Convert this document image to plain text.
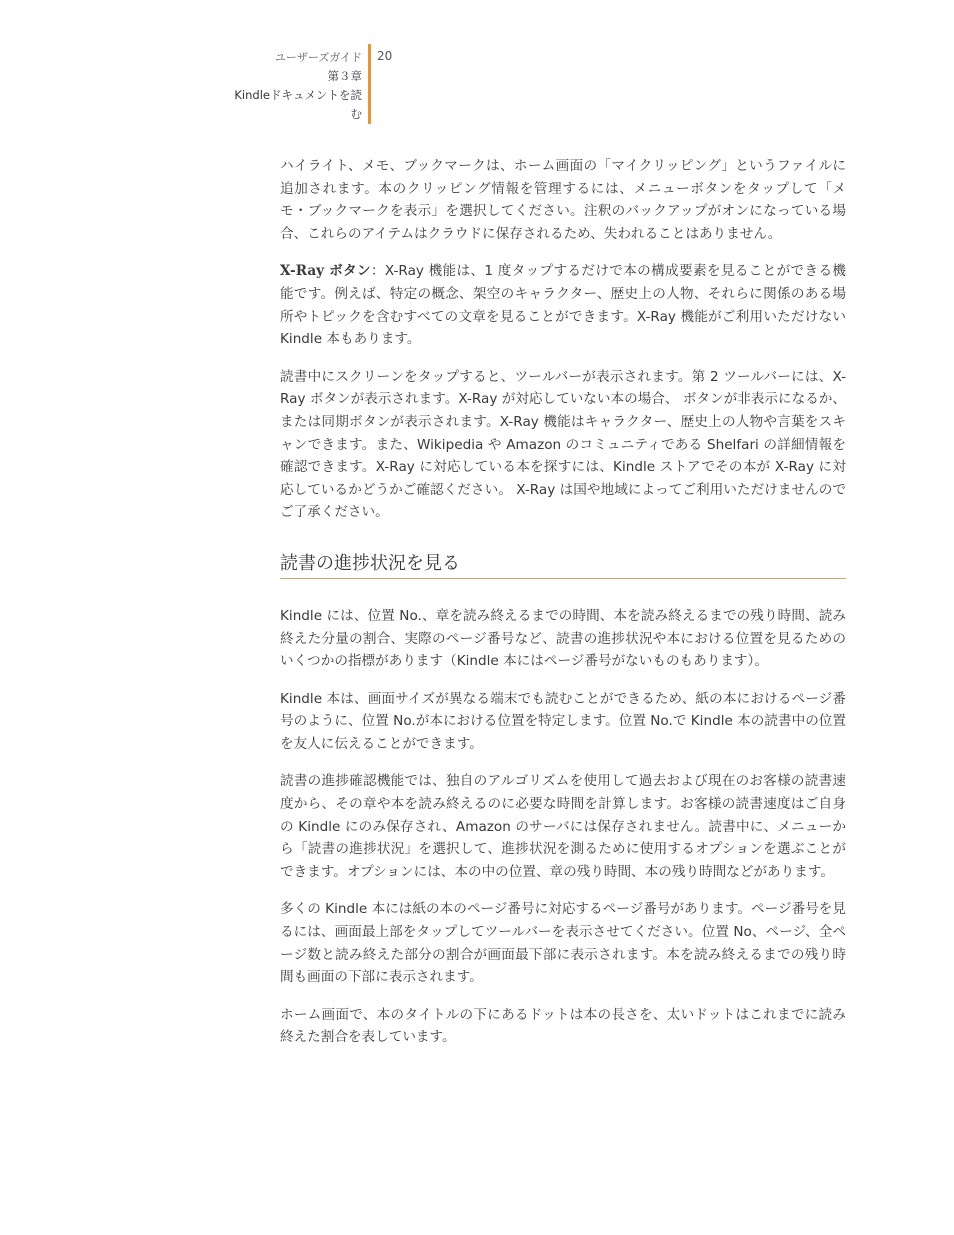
ユーザーズガイド
第３章
Kindleドキュメントを読
む
20

ハイライト、メモ、ブックマークは、ホーム画面の「マイクリッピング」というファイルに追加されます。本のクリッピング情報を管理するには、メニューボタンをタップして「メモ・ブックマークを表示」を選択してください。注釈のバックアップがオンになっている場合、これらのアイテムはクラウドに保存されるため、失われることはありません。

X-Ray ボタン：X-Ray 機能は、1 度タップするだけで本の構成要素を見ることができる機能です。例えば、特定の概念、架空のキャラクター、歴史上の人物、それらに関係のある場所やトピックを含むすべての文章を見ることができます。X-Ray 機能がご利用いただけない Kindle 本もあります。

読書中にスクリーンをタップすると、ツールバーが表示されます。第 2 ツールバーには、X-Ray ボタンが表示されます。X-Ray が対応していない本の場合、 ボタンが非表示になるか、または同期ボタンが表示されます。X-Ray 機能はキャラクター、歴史上の人物や言葉をスキャンできます。また、Wikipedia や Amazon のコミュニティである Shelfari の詳細情報を確認できます。X-Ray に対応している本を探すには、Kindle ストアでその本が X-Ray に対応しているかどうかご確認ください。 X-Ray は国や地域によってご利用いただけませんのでご了承ください。

読書の進捗状況を見る

Kindle には、位置 No.、章を読み終えるまでの時間、本を読み終えるまでの残り時間、読み終えた分量の割合、実際のページ番号など、読書の進捗状況や本における位置を見るためのいくつかの指標があります（Kindle 本にはページ番号がないものもあります）。

Kindle 本は、画面サイズが異なる端末でも読むことができるため、紙の本におけるページ番号のように、位置 No.が本における位置を特定します。位置 No.で Kindle 本の読書中の位置を友人に伝えることができます。

読書の進捗確認機能では、独自のアルゴリズムを使用して過去および現在のお客様の読書速度から、その章や本を読み終えるのに必要な時間を計算します。お客様の読書速度はご自身の Kindle にのみ保存され、Amazon のサーバには保存されません。読書中に、メニューから「読書の進捗状況」を選択して、進捗状況を測るために使用するオプションを選ぶことができます。オプションには、本の中の位置、章の残り時間、本の残り時間などがあります。

多くの Kindle 本には紙の本のページ番号に対応するページ番号があります。ページ番号を見るには、画面最上部をタップしてツールバーを表示させてください。位置 No、ページ、全ページ数と読み終えた部分の割合が画面最下部に表示されます。本を読み終えるまでの残り時間も画面の下部に表示されます。

ホーム画面で、本のタイトルの下にあるドットは本の長さを、太いドットはこれまでに読み終えた割合を表しています。
